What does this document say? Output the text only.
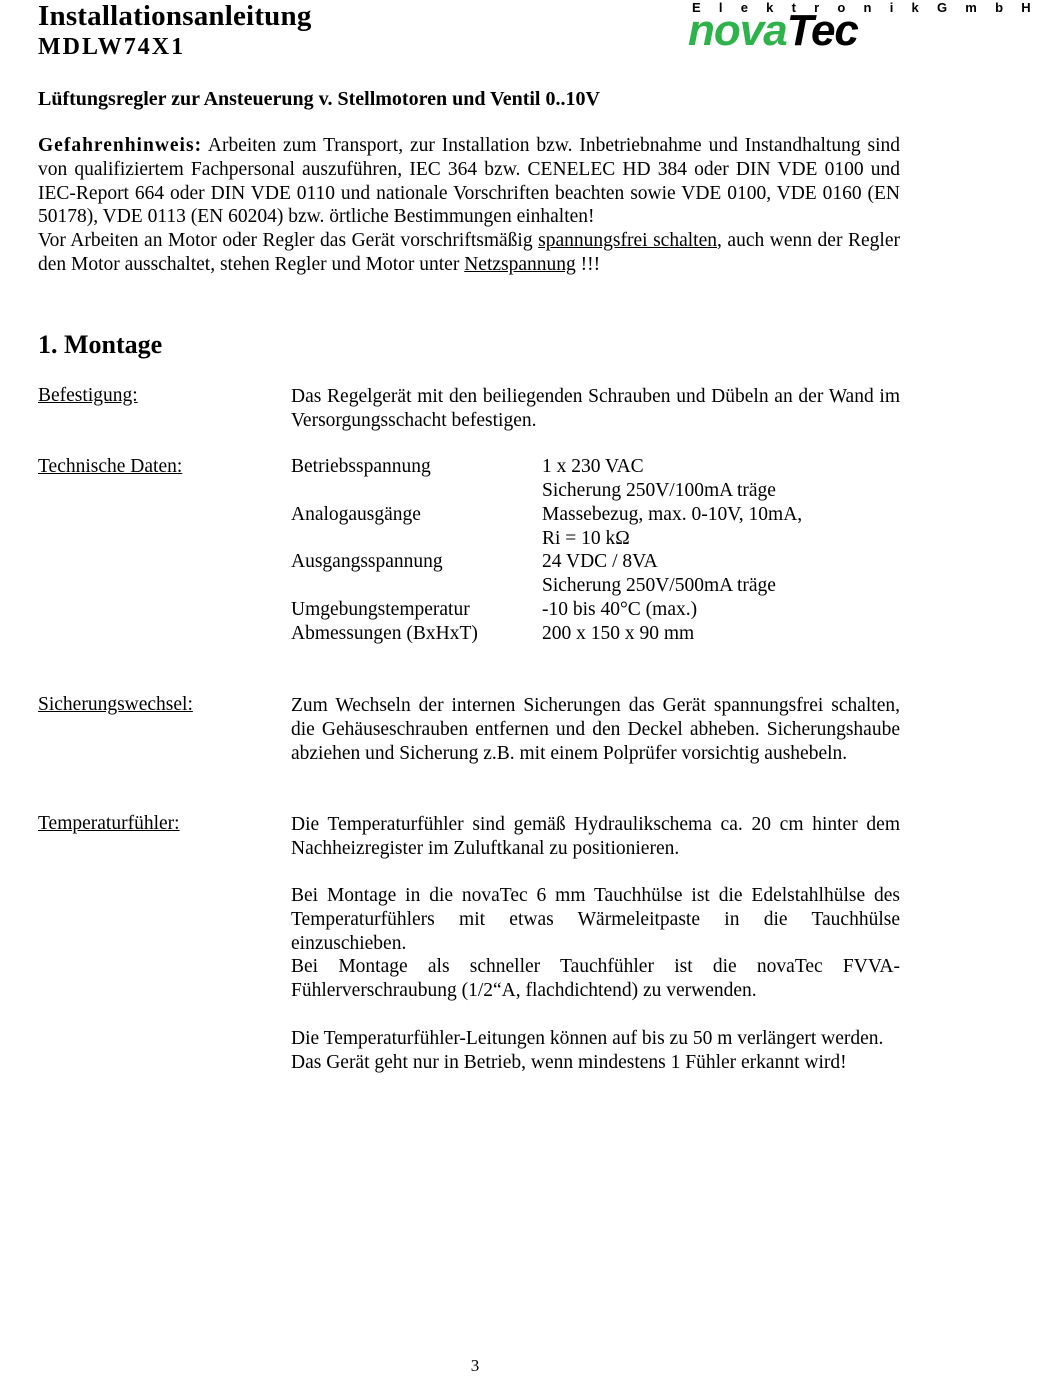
Installationsanleitung
MDLW74X1
E l e k t r o n i k G m b H
novaTec
Lüftungsregler zur Ansteuerung v. Stellmotoren und Ventil 0..10V

Gefahrenhinweis: Arbeiten zum Transport, zur Installation bzw. Inbetriebnahme und Instandhaltung sind von qualifiziertem Fachpersonal auszuführen, IEC 364 bzw. CENELEC HD 384 oder DIN VDE 0100 und IEC-Report 664 oder DIN VDE 0110 und nationale Vorschriften beachten sowie VDE 0100, VDE 0160 (EN 50178), VDE 0113 (EN 60204) bzw. örtliche Bestimmungen einhalten!

Vor Arbeiten an Motor oder Regler das Gerät vorschriftsmäßig spannungsfrei schalten, auch wenn der Regler den Motor ausschaltet, stehen Regler und Motor unter Netzspannung !!!

1. Montage
Befestigung:	Das Regelgerät mit den beiliegenden Schrauben und Dübeln an der Wand im Versorgungsschacht befestigen.

Technische Daten:	Betriebsspannung	1 x 230 VAC
Sicherung 250V/100mA träge
Analogausgänge	Massebezug, max. 0-10V, 10mA,
Ri = 10 kΩ
Ausgangsspannung	24 VDC / 8VA
Sicherung 250V/500mA träge
Umgebungstemperatur	-10 bis 40°C (max.)
Abmessungen (BxHxT)	200 x 150 x 90 mm
Sicherungswechsel:	Zum Wechseln der internen Sicherungen das Gerät spannungsfrei schalten, die Gehäuseschrauben entfernen und den Deckel abheben. Sicherungshaube abziehen und Sicherung z.B. mit einem Polprüfer vorsichtig aushebeln.

Temperaturfühler:	Die Temperaturfühler sind gemäß Hydraulikschema ca. 20 cm hinter dem Nachheizregister im Zuluftkanal zu positionieren.

Bei Montage in die novaTec 6 mm Tauchhülse ist die Edelstahlhülse des Temperaturfühlers mit etwas Wärmeleitpaste in die Tauchhülse einzuschieben.

Bei Montage als schneller Tauchfühler ist die novaTec FVVA-Fühlerverschraubung (1/2“A, flachdichtend) zu verwenden.

Die Temperaturfühler-Leitungen können auf bis zu 50 m verlängert werden.

Das Gerät geht nur in Betrieb, wenn mindestens 1 Fühler erkannt wird!

3
